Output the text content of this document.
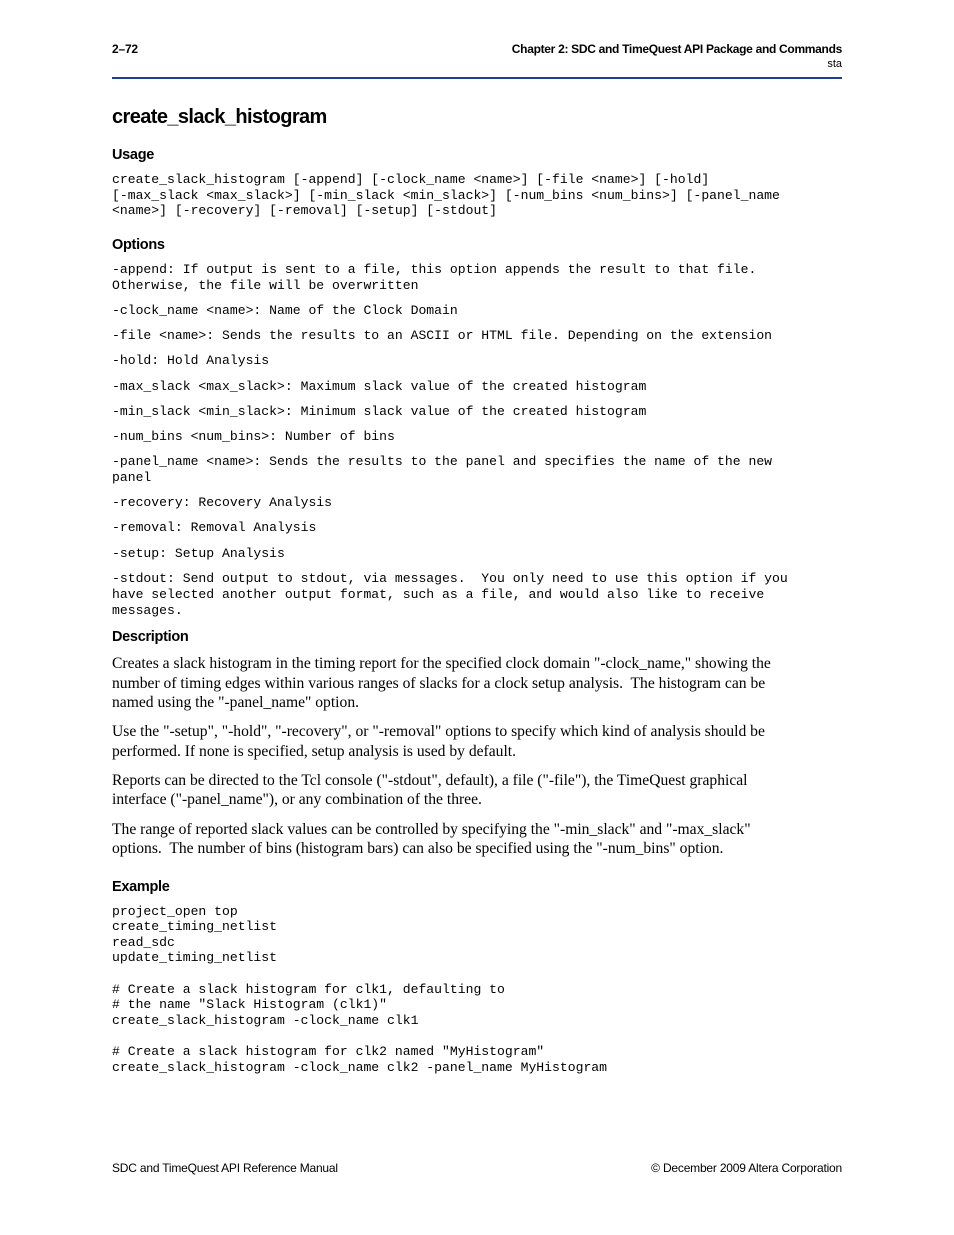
2–72	Chapter 2: SDC and TimeQuest API Package and Commands
sta
create_slack_histogram
Usage
create_slack_histogram [-append] [-clock_name <name>] [-file <name>] [-hold]
[-max_slack <max_slack>] [-min_slack <min_slack>] [-num_bins <num_bins>] [-panel_name
<name>] [-recovery] [-removal] [-setup] [-stdout]
Options
-append: If output is sent to a file, this option appends the result to that file.
Otherwise, the file will be overwritten
-clock_name <name>: Name of the Clock Domain
-file <name>: Sends the results to an ASCII or HTML file. Depending on the extension
-hold: Hold Analysis
-max_slack <max_slack>: Maximum slack value of the created histogram
-min_slack <min_slack>: Minimum slack value of the created histogram
-num_bins <num_bins>: Number of bins
-panel_name <name>: Sends the results to the panel and specifies the name of the new
panel
-recovery: Recovery Analysis
-removal: Removal Analysis
-setup: Setup Analysis
-stdout: Send output to stdout, via messages.  You only need to use this option if you
have selected another output format, such as a file, and would also like to receive
messages.
Description

Creates a slack histogram in the timing report for the specified clock domain "-clock_name," showing the
number of timing edges within various ranges of slacks for a clock setup analysis.  The histogram can be
named using the "-panel_name" option.

Use the "-setup", "-hold", "-recovery", or "-removal" options to specify which kind of analysis should be
performed. If none is specified, setup analysis is used by default.

Reports can be directed to the Tcl console ("-stdout", default), a file ("-file"), the TimeQuest graphical
interface ("-panel_name"), or any combination of the three.

The range of reported slack values can be controlled by specifying the "-min_slack" and "-max_slack"
options.  The number of bins (histogram bars) can also be specified using the "-num_bins" option.

Example
project_open top
create_timing_netlist
read_sdc
update_timing_netlist

# Create a slack histogram for clk1, defaulting to
# the name "Slack Histogram (clk1)"
create_slack_histogram -clock_name clk1

# Create a slack histogram for clk2 named "MyHistogram"
create_slack_histogram -clock_name clk2 -panel_name MyHistogram
SDC and TimeQuest API Reference Manual	© December 2009 Altera Corporation
